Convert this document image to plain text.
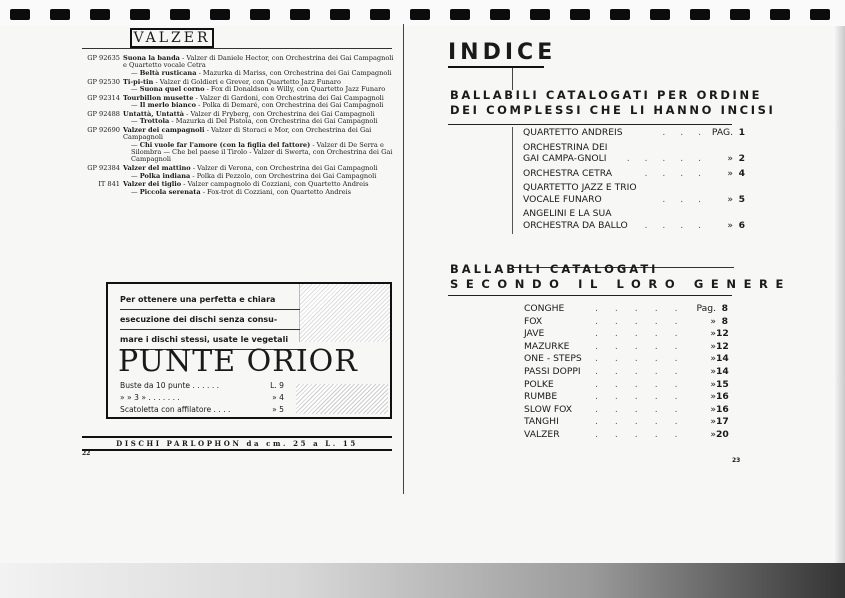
VALZER
GP 92635 Suona la banda - Valzer di Daniele Hector, con Orchestrina dei Gai Campagnoli e Quartetto vocale Cetra
— Beltà rusticana - Mazurka di Mariss, con Orchestrina dei Gai Campagnoli
GP 92530 Ti-pi-tin - Valzer di Goldieri e Grever, con Quartetto Jazz Funaro
— Suona quel corno - Fox di Donaldson e Willy, con Quartetto Jazz Funaro
GP 92314 Tourbillon musette - Valzer di Gardoni, con Orchestrina dei Gai Campagnoli
— Il merlo bianco - Polka di Demaré, con Orchestrina dei Gai Campagnoli
GP 92488 Untattà, Untattà - Valzer di Fryberg, con Orchestrina dei Gai Campagnoli
— Trottola - Mazurka di Del Pistoia, con Orchestrina dei Gai Campagnoli
GP 92690 Valzer dei campagnoli - Valzer di Storaci e Mor, con Orchestrina dei Gai Campagnoli
— Chi vuole far l'amore (con la figlia del fattore) - Valzer di De Serra e Silombra — Che bel paese il Tirolo - Valzer di Swerta, con Orchestrina dei Gai Campagnoli
GP 92384 Valzer del mattino - Valzer di Verona, con Orchestrina dei Gai Campagnoli
— Polka indiana - Polka di Pezzolo, con Orchestrina dei Gai Campagnoli
IT 841 Valzer dei tiglio - Valzer campagnolo di Cozziani, con Quartetto Andreis
— Piccola serenata - Fox-trot di Cozziani, con Quartetto Andreis
Per ottenere una perfetta e chiara
esecuzione dei dischi senza consu-
mare i dischi stessi, usate le vegetali
PUNTE ORIOR
Buste da 10 punte . . . . . .	L. 9
» » 3 » . . . . . . .	» 4
Scatoletta con affilatore . . . .	» 5
DISCHI PARLOPHON da cm. 25 a L. 15
22
INDICE
BALLABILI CATALOGATI PER ORDINE
DEI COMPLESSI CHE LI HANNO INCISI
QUARTETTO ANDREIS	. . . PAG. 1
ORCHESTRINA DEI GAI CAMPA-GNOLI	. . . . .	» 2
ORCHESTRA CETRA	. . . .	» 4
QUARTETTO JAZZ E TRIO VOCALE FUNARO	. . .	» 5
ANGELINI E LA SUA ORCHESTRA DA BALLO	. . . .	» 6
BALLABILI CATALOGATI
SECONDO IL LORO GENERE
CONGHE	..... Pag. 8
FOX	.....	» 8
JAVE	.....	»12
MAZURKE	.....	»12
ONE - STEPS	.....	»14
PASSI DOPPI	.....	»14
POLKE	.....	»15
RUMBE	.....	»16
SLOW FOX	.....	»16
TANGHI	.....	»17
VALZER	.....	»20
23
